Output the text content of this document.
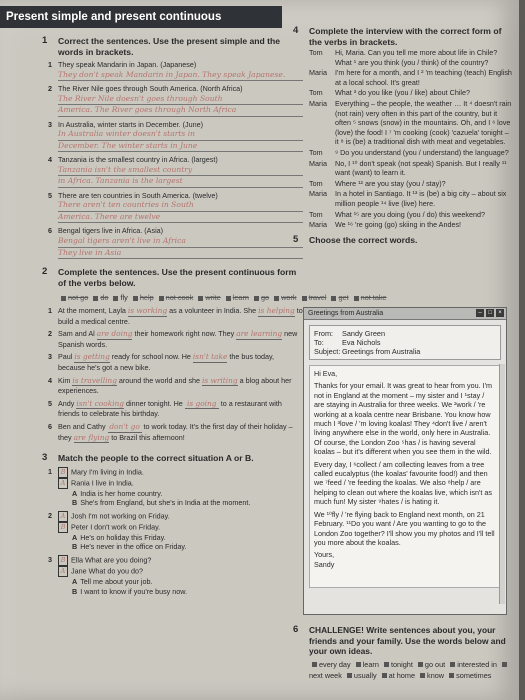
Present simple and present continuous
1 Correct the sentences. Use the present simple and the words in brackets.
1 They speak Mandarin in Japan. (Japanese)
They don't speak Mandarin in Japan. They speak Japanese.
2 The River Nile goes through South America. (North Africa)
The River Nile doesn't goes through South
America. The River goes through North Africa
3 In Australia, winter starts in December. (June)
In Australia winter doesn't starts in
December. The winter starts in June
4 Tanzania is the smallest country in Africa. (largest)
Tanzania isn't the smallest country
in Africa. Tanzania is the largest
5 There are ten countries in South America. (twelve)
There aren't ten countries in South
America. There are twelve
6 Bengal tigers live in Africa. (Asia)
Bengal tigers aren't live in Africa
They live in Asia
2 Complete the sentences. Use the present continuous form of the verbs below.
not go do fly help not cook write learn go work travel get not take
1 At the moment, Layla is working as a volunteer in India. She is helping to build a medical centre.
2 Sam and Al are doing their homework right now. They are learning new Spanish words.
3 Paul is getting ready for school now. He isn't take the bus today, because he's got a new bike.
4 Kim is travelling around the world and she is writing a blog about her experiences.
5 Andy isn't cooking dinner tonight. He is going to a restaurant with friends to celebrate his birthday.
6 Ben and Cathy don't go to work today. It's the first day of their holiday – they are flying to Brazil this afternoon!
3 Match the people to the correct situation A or B.
1	B Mary I'm living in India.
A Rania I live in India.
A India is her home country.
B She's from England, but she's in India at the moment.
2	A Josh I'm not working on Friday.
B Peter I don't work on Friday.
A He's on holiday this Friday.
B He's never in the office on Friday.
3	B Ella What are you doing?
A Jane What do you do?
A Tell me about your job.
B I want to know if you're busy now.
4 Complete the interview with the correct form of the verbs in brackets.
Tom	Hi, Maria. Can you tell me more about life in Chile? What ¹ are you think (you / think) of the country?
Maria	I'm here for a month, and I ² 'm teaching (teach) English at a local school. It's great!
Tom	What ³ do you like (you / like) about Chile?
Maria	Everything – the people, the weather … It ⁴ doesn't rain (not rain) very often in this part of the country, but it often ⁵ snows (snow) in the mountains. Oh, and I ⁶ love (love) the food! I ⁷ 'm cooking (cook) 'cazuela' tonight – it ⁸ is (be) a traditional dish with meat and vegetables.
Tom	⁹ Do you understand (you / understand) the language?
Maria	No, I ¹⁰ don't speak (not speak) Spanish. But I really ¹¹ want (want) to learn it.
Tom	Where ¹² are you stay (you / stay)?
Maria	In a hotel in Santiago. It ¹³ is (be) a big city – about six million people ¹⁴ live (live) here.
Tom	What ¹⁵ are you doing (you / do) this weekend?
Maria	We ¹⁶ 're going (go) skiing in the Andes!
5 Choose the correct words.
Greetings from Australia	–	□	×
From: Sandy Green
To:	Eva Nichols
Subject: Greetings from Australia

Hi Eva,

Thanks for your email. It was great to hear from you. I'm not in England at the moment – my sister and I ¹stay / are staying in Australia for three weeks. We ²work / 're working at a koala centre near Brisbane. You know how much I ³love / 'm loving koalas! They ⁴don't live / aren't living anywhere else in the world, only here in Australia. Of course, the London Zoo ⁵has / is having several koalas – but it's different when you see them in the wild.

Every day, I ⁶collect / am collecting leaves from a tree called eucalyptus (the koalas' favourite food!) and then we ⁷feed / 're feeding the koalas. We also ⁸help / are helping to clean out where the koalas live, which isn't as much fun! My sister ⁹hates / is hating it.

We ¹⁰fly / 're flying back to England next month, on 21 February. ¹¹Do you want / Are you wanting to go to the London Zoo together? I'll show you my photos and I'll tell you more about the koalas.

Yours,
Sandy

6 CHALLENGE! Write sentences about you, your friends and your family. Use the words below and your own ideas.
every day learn tonight go out interested in next week usually at home know sometimes
